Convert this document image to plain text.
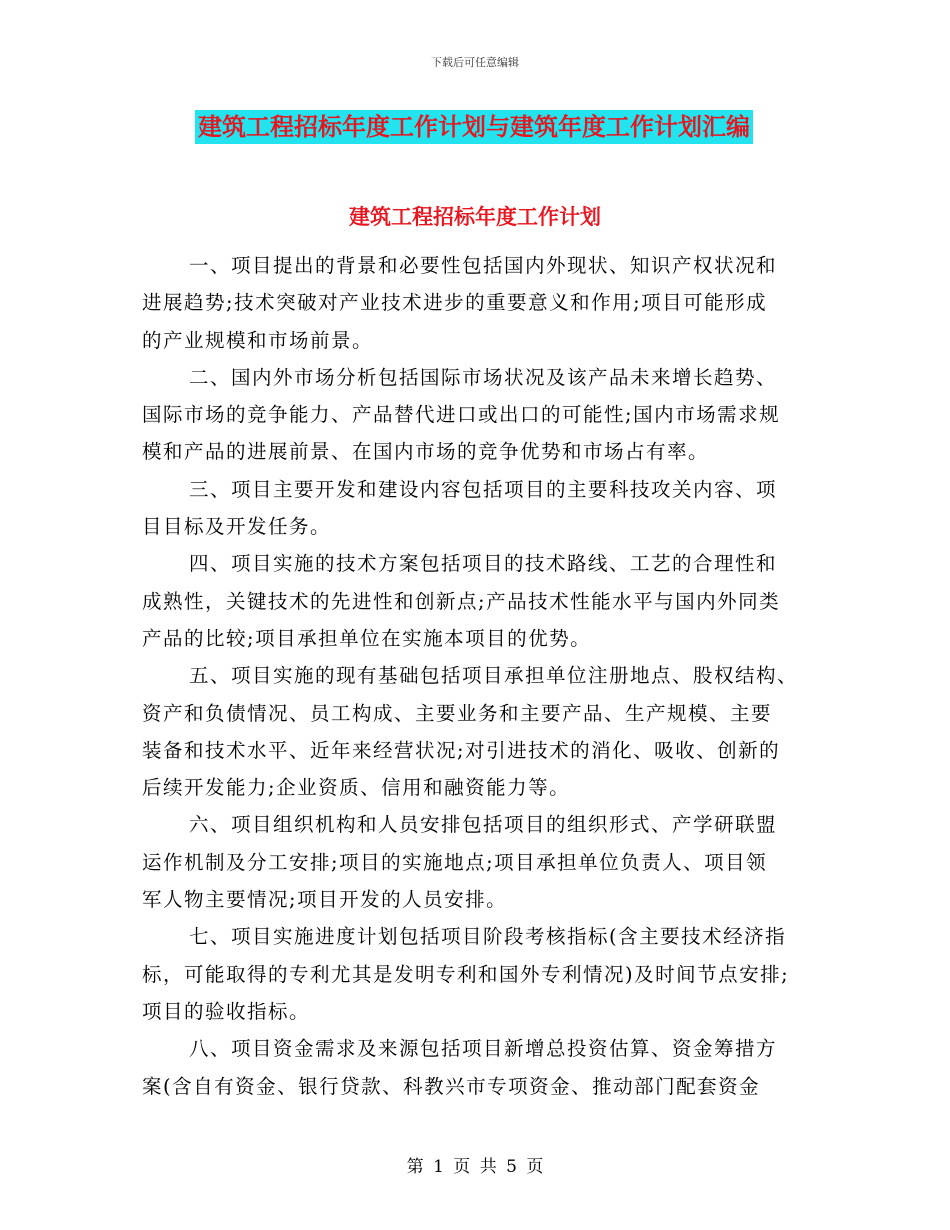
下载后可任意编辑
建筑工程招标年度工作计划与建筑年度工作计划汇编
建筑工程招标年度工作计划
一、项目提出的背景和必要性包括国内外现状、知识产权状况和
进展趋势;技术突破对产业技术进步的重要意义和作用;项目可能形成
的产业规模和市场前景。
二、国内外市场分析包括国际市场状况及该产品未来增长趋势、
国际市场的竞争能力、产品替代进口或出口的可能性;国内市场需求规
模和产品的进展前景、在国内市场的竞争优势和市场占有率。
三、项目主要开发和建设内容包括项目的主要科技攻关内容、项
目目标及开发任务。
四、项目实施的技术方案包括项目的技术路线、工艺的合理性和
成熟性，关键技术的先进性和创新点;产品技术性能水平与国内外同类
产品的比较;项目承担单位在实施本项目的优势。
五、项目实施的现有基础包括项目承担单位注册地点、股权结构、
资产和负债情况、员工构成、主要业务和主要产品、生产规模、主要
装备和技术水平、近年来经营状况;对引进技术的消化、吸收、创新的
后续开发能力;企业资质、信用和融资能力等。
六、项目组织机构和人员安排包括项目的组织形式、产学研联盟
运作机制及分工安排;项目的实施地点;项目承担单位负责人、项目领
军人物主要情况;项目开发的人员安排。
七、项目实施进度计划包括项目阶段考核指标(含主要技术经济指
标，可能取得的专利尤其是发明专利和国外专利情况)及时间节点安排;
项目的验收指标。
八、项目资金需求及来源包括项目新增总投资估算、资金筹措方
案(含自有资金、银行贷款、科教兴市专项资金、推动部门配套资金
第 1 页 共 5 页
